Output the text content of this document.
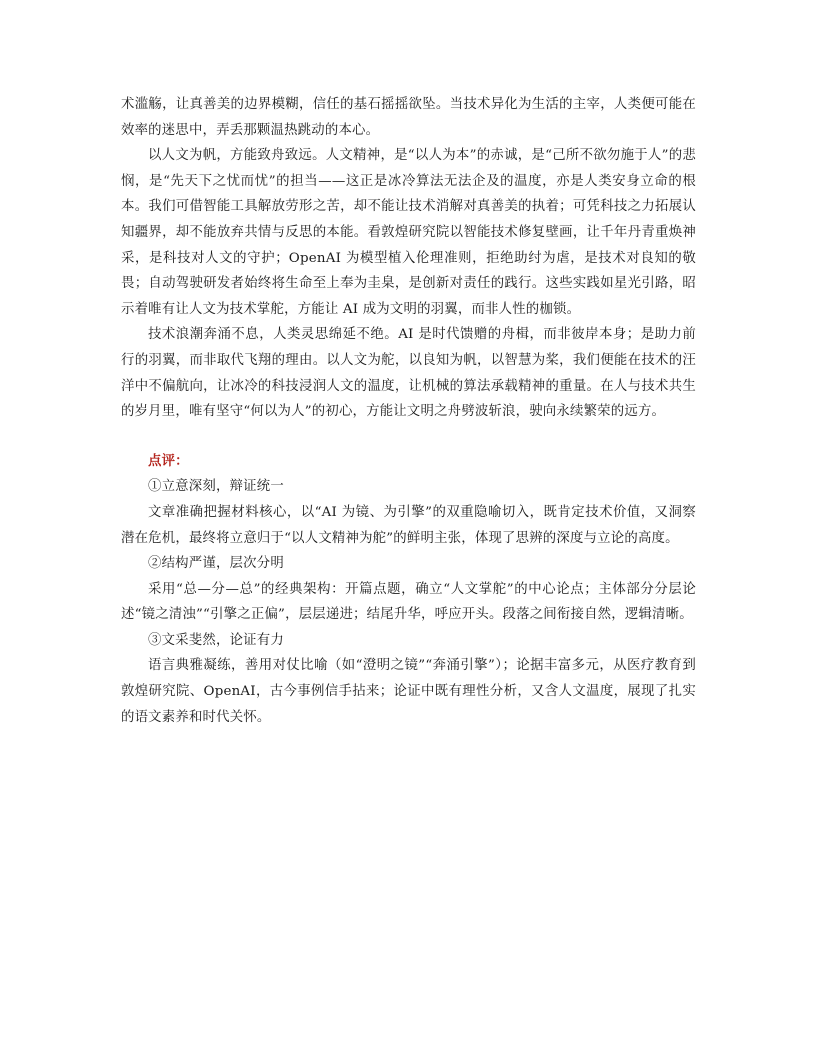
术滥觞，让真善美的边界模糊，信任的基石摇摇欲坠。当技术异化为生活的主宰，人类便可能在效率的迷思中，弄丢那颗温热跳动的本心。

以人文为帆，方能致舟致远。人文精神，是“以人为本”的赤诚，是“己所不欲勿施于人”的悲悯，是“先天下之忧而忧”的担当——这正是冰冷算法无法企及的温度，亦是人类安身立命的根本。我们可借智能工具解放劳形之苦，却不能让技术消解对真善美的执着；可凭科技之力拓展认知疆界，却不能放弃共情与反思的本能。看敦煌研究院以智能技术修复壁画，让千年丹青重焕神采，是科技对人文的守护；OpenAI 为模型植入伦理准则，拒绝助纣为虐，是技术对良知的敬畏；自动驾驶研发者始终将生命至上奉为圭臬，是创新对责任的践行。这些实践如星光引路，昭示着唯有让人文为技术掌舵，方能让 AI 成为文明的羽翼，而非人性的枷锁。

技术浪潮奔涌不息，人类灵思绵延不绝。AI 是时代馈赠的舟楫，而非彼岸本身；是助力前行的羽翼，而非取代飞翔的理由。以人文为舵，以良知为帆，以智慧为桨，我们便能在技术的汪洋中不偏航向，让冰冷的科技浸润人文的温度，让机械的算法承载精神的重量。在人与技术共生的岁月里，唯有坚守“何以为人”的初心，方能让文明之舟劈波斩浪，驶向永续繁荣的远方。

点评：

①立意深刻，辩证统一

文章准确把握材料核心，以“AI 为镜、为引擎”的双重隐喻切入，既肯定技术价值，又洞察潜在危机，最终将立意归于“以人文精神为舵”的鲜明主张，体现了思辨的深度与立论的高度。

②结构严谨，层次分明

采用“总—分—总”的经典架构：开篇点题，确立“人文掌舵”的中心论点；主体部分分层论述“镜之清浊”“引擎之正偏”，层层递进；结尾升华，呼应开头。段落之间衔接自然，逻辑清晰。

③文采斐然，论证有力

语言典雅凝练，善用对仗比喻（如“澄明之镜”“奔涌引擎”）；论据丰富多元，从医疗教育到敦煌研究院、OpenAI，古今事例信手拈来；论证中既有理性分析，又含人文温度，展现了扎实的语文素养和时代关怀。
